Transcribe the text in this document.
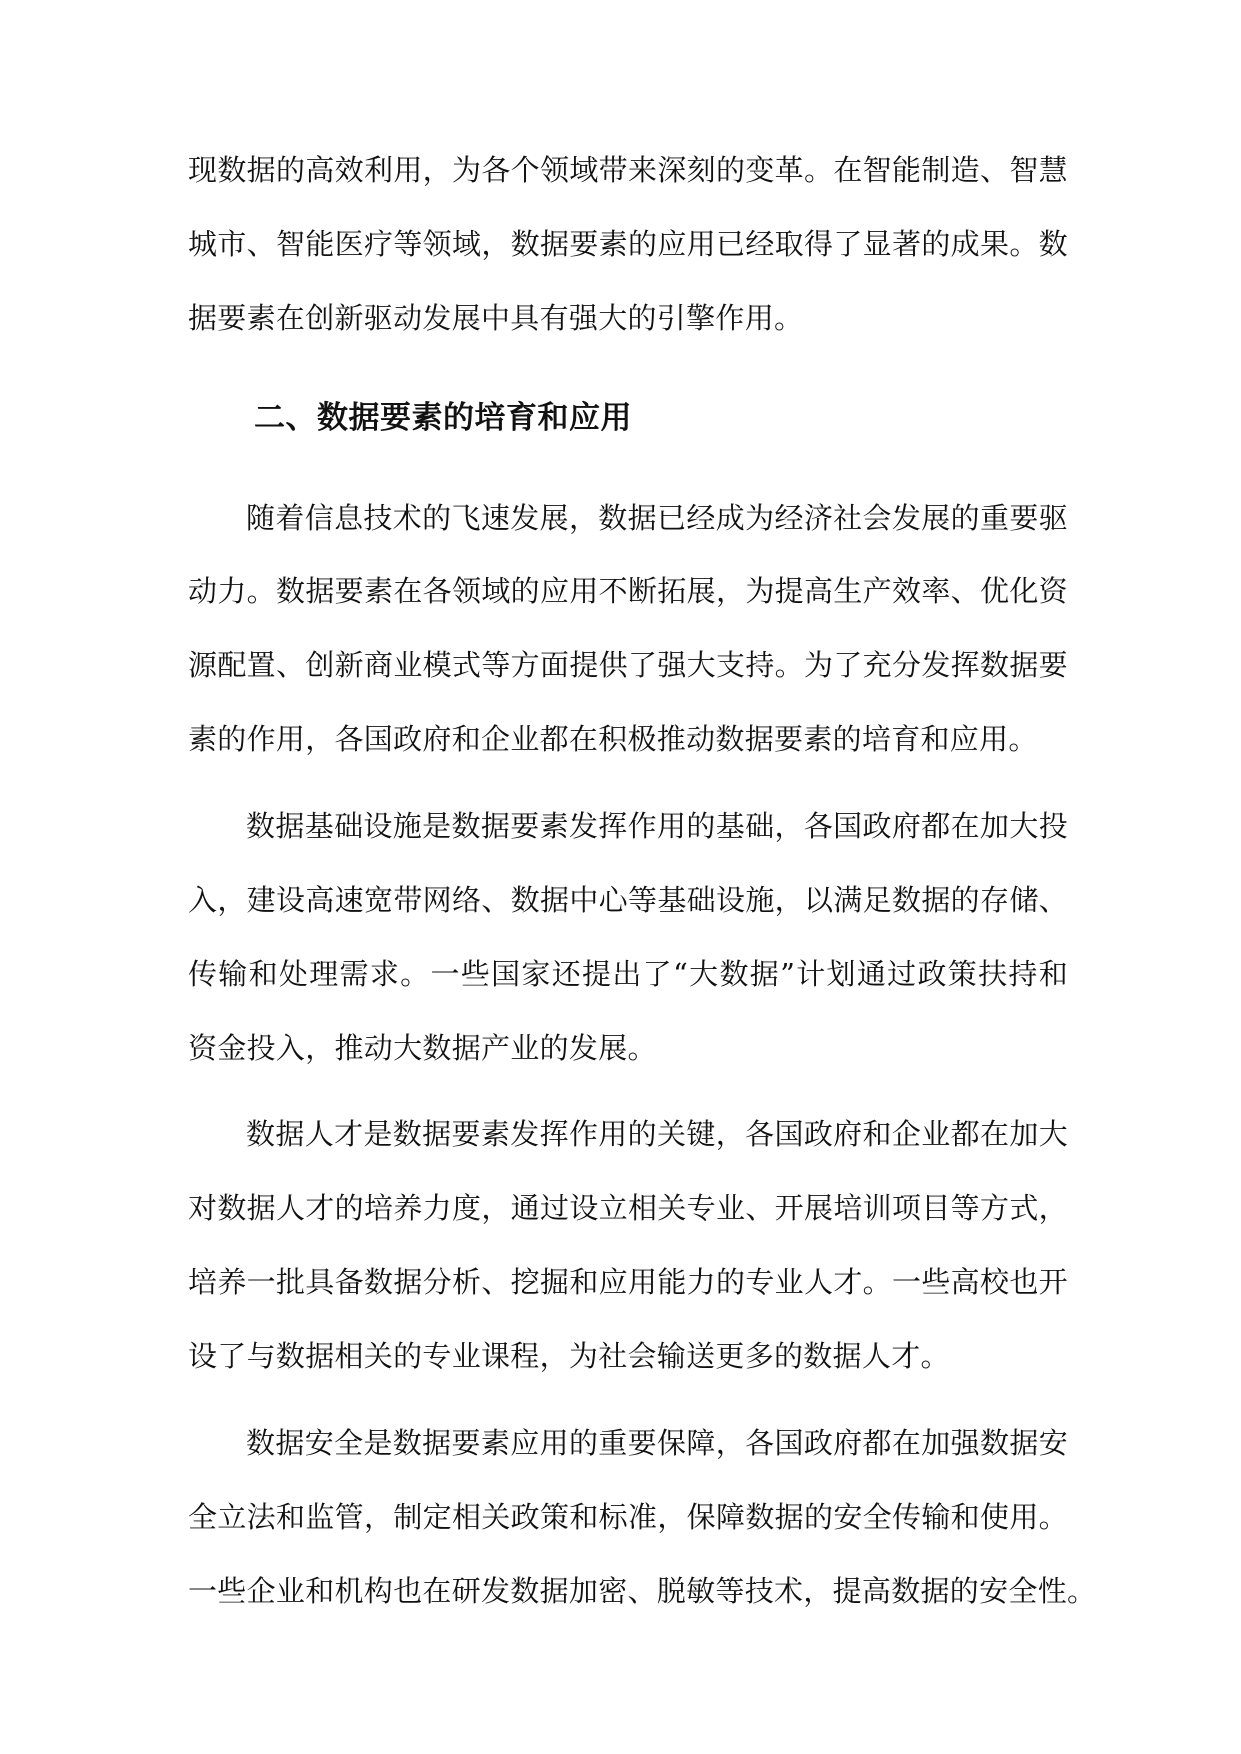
现数据的高效利用，为各个领域带来深刻的变革。在智能制造、智慧
城市、智能医疗等领域，数据要素的应用已经取得了显著的成果。数
据要素在创新驱动发展中具有强大的引擎作用。
二、数据要素的培育和应用
随着信息技术的飞速发展，数据已经成为经济社会发展的重要驱
动力。数据要素在各领域的应用不断拓展，为提高生产效率、优化资
源配置、创新商业模式等方面提供了强大支持。为了充分发挥数据要
素的作用，各国政府和企业都在积极推动数据要素的培育和应用。
数据基础设施是数据要素发挥作用的基础，各国政府都在加大投
入，建设高速宽带网络、数据中心等基础设施，以满足数据的存储、
传输和处理需求。一些国家还提出了“大数据”计划通过政策扶持和
资金投入，推动大数据产业的发展。
数据人才是数据要素发挥作用的关键，各国政府和企业都在加大
对数据人才的培养力度，通过设立相关专业、开展培训项目等方式，
培养一批具备数据分析、挖掘和应用能力的专业人才。一些高校也开
设了与数据相关的专业课程，为社会输送更多的数据人才。
数据安全是数据要素应用的重要保障，各国政府都在加强数据安
全立法和监管，制定相关政策和标准，保障数据的安全传输和使用。
一些企业和机构也在研发数据加密、脱敏等技术，提高数据的安全性。
